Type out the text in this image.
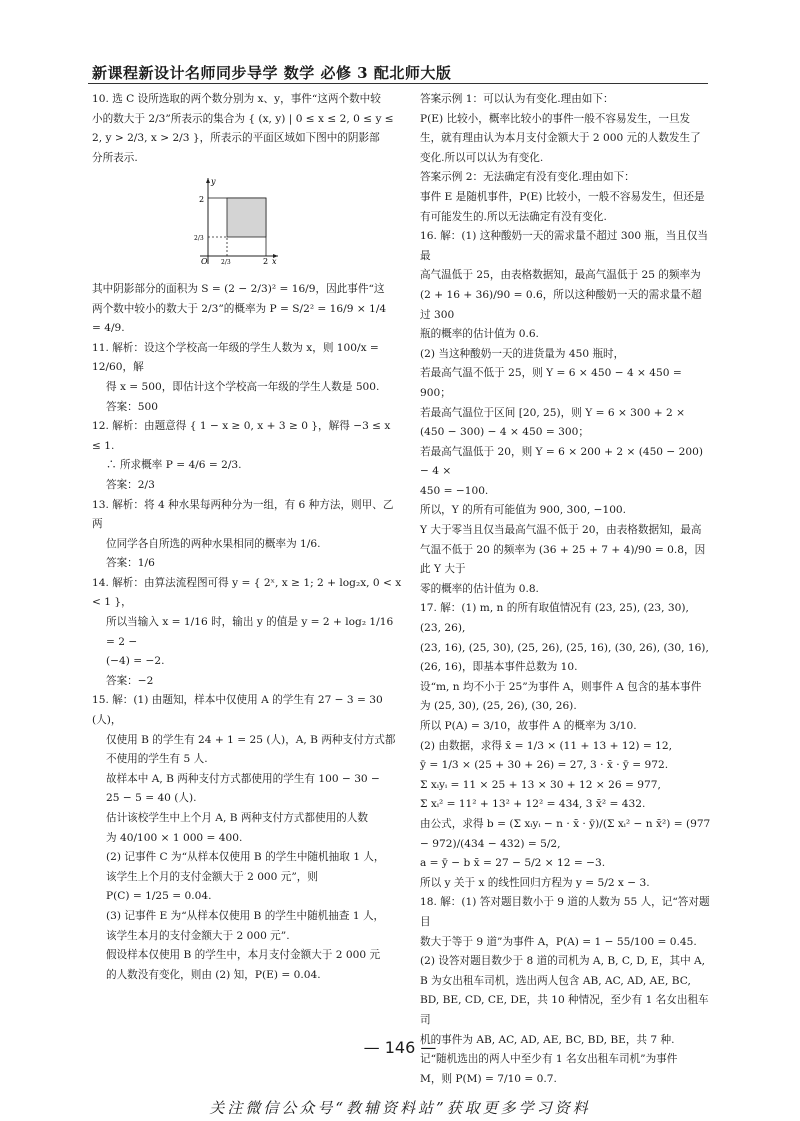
新课程新设计名师同步导学 数学 必修 3 配北师大版

10. 选 C 设所选取的两个数分别为 x、y，事件“这两个数中较

小的数大于 2/3”所表示的集合为 { (x, y) | 0 ≤ x ≤ 2, 0 ≤ y ≤

2, y > 2/3, x > 2/3 }，所表示的平面区域如下图中的阴影部

分所表示.

y
x
O
2
2/3
2/3	2

其中阴影部分的面积为 S = (2 − 2/3)² = 16/9，因此事件“这

两个数中较小的数大于 2/3”的概率为 P = S/2² = 16/9 × 1/4

= 4/9.

11. 解析：设这个学校高一年级的学生人数为 x，则 100/x = 12/60，解

得 x = 500，即估计这个学校高一年级的学生人数是 500.

答案：500

12. 解析：由题意得 { 1 − x ≥ 0, x + 3 ≥ 0 }，解得 −3 ≤ x ≤ 1.

∴ 所求概率 P = 4/6 = 2/3.

答案：2/3

13. 解析：将 4 种水果每两种分为一组，有 6 种方法，则甲、乙两

位同学各自所选的两种水果相同的概率为 1/6.

答案：1/6

14. 解析：由算法流程图可得 y = { 2ˣ, x ≥ 1; 2 + log₂x, 0 < x < 1 }，

所以当输入 x = 1/16 时，输出 y 的值是 y = 2 + log₂ 1/16 = 2 −

(−4) = −2.

答案：−2

15. 解：(1) 由题知，样本中仅使用 A 的学生有 27 − 3 = 30 (人)，

仅使用 B 的学生有 24 + 1 = 25 (人)，A, B 两种支付方式都

不使用的学生有 5 人.

故样本中 A, B 两种支付方式都使用的学生有 100 − 30 −

25 − 5 = 40 (人).

估计该校学生中上个月 A, B 两种支付方式都使用的人数

为 40/100 × 1 000 = 400.

(2) 记事件 C 为“从样本仅使用 B 的学生中随机抽取 1 人，

该学生上个月的支付金额大于 2 000 元”，则

P(C) = 1/25 = 0.04.

(3) 记事件 E 为“从样本仅使用 B 的学生中随机抽查 1 人，

该学生本月的支付金额大于 2 000 元”.

假设样本仅使用 B 的学生中，本月支付金额大于 2 000 元

的人数没有变化，则由 (2) 知，P(E) = 0.04.

答案示例 1：可以认为有变化.理由如下：

P(E) 比较小，概率比较小的事件一般不容易发生，一旦发

生，就有理由认为本月支付金额大于 2 000 元的人数发生了

变化.所以可以认为有变化.

答案示例 2：无法确定有没有变化.理由如下：

事件 E 是随机事件，P(E) 比较小，一般不容易发生，但还是

有可能发生的.所以无法确定有没有变化.

16. 解：(1) 这种酸奶一天的需求量不超过 300 瓶，当且仅当最

高气温低于 25，由表格数据知，最高气温低于 25 的频率为

(2 + 16 + 36)/90 = 0.6，所以这种酸奶一天的需求量不超过 300

瓶的概率的估计值为 0.6.

(2) 当这种酸奶一天的进货量为 450 瓶时，

若最高气温不低于 25，则 Y = 6 × 450 − 4 × 450 = 900；

若最高气温位于区间 [20, 25)，则 Y = 6 × 300 + 2 ×

(450 − 300) − 4 × 450 = 300；

若最高气温低于 20，则 Y = 6 × 200 + 2 × (450 − 200) − 4 ×

450 = −100.

所以，Y 的所有可能值为 900, 300, −100.

Y 大于零当且仅当最高气温不低于 20，由表格数据知，最高

气温不低于 20 的频率为 (36 + 25 + 7 + 4)/90 = 0.8，因此 Y 大于

零的概率的估计值为 0.8.

17. 解：(1) m, n 的所有取值情况有 (23, 25), (23, 30), (23, 26),

(23, 16), (25, 30), (25, 26), (25, 16), (30, 26), (30, 16),

(26, 16)，即基本事件总数为 10.

设“m, n 均不小于 25”为事件 A，则事件 A 包含的基本事件

为 (25, 30), (25, 26), (30, 26).

所以 P(A) = 3/10，故事件 A 的概率为 3/10.

(2) 由数据，求得 x̄ = 1/3 × (11 + 13 + 12) = 12,

ȳ = 1/3 × (25 + 30 + 26) = 27, 3 · x̄ · ȳ = 972.

Σ xᵢyᵢ = 11 × 25 + 13 × 30 + 12 × 26 = 977,

Σ xᵢ² = 11² + 13² + 12² = 434, 3 x̄² = 432.

由公式，求得 b = (Σ xᵢyᵢ − n · x̄ · ȳ)/(Σ xᵢ² − n x̄²) = (977 − 972)/(434 − 432) = 5/2,

a = ȳ − b x̄ = 27 − 5/2 × 12 = −3.

所以 y 关于 x 的线性回归方程为 y = 5/2 x − 3.

18. 解：(1) 答对题目数小于 9 道的人数为 55 人，记“答对题目

数大于等于 9 道”为事件 A，P(A) = 1 − 55/100 = 0.45.

(2) 设答对题目数少于 8 道的司机为 A, B, C, D, E，其中 A,

B 为女出租车司机，选出两人包含 AB, AC, AD, AE, BC,

BD, BE, CD, CE, DE，共 10 种情况，至少有 1 名女出租车司

机的事件为 AB, AC, AD, AE, BC, BD, BE，共 7 种.

记“随机选出的两人中至少有 1 名女出租车司机”为事件

M，则 P(M) = 7/10 = 0.7.

— 146 —
关注微信公众号“教辅资料站”获取更多学习资料
